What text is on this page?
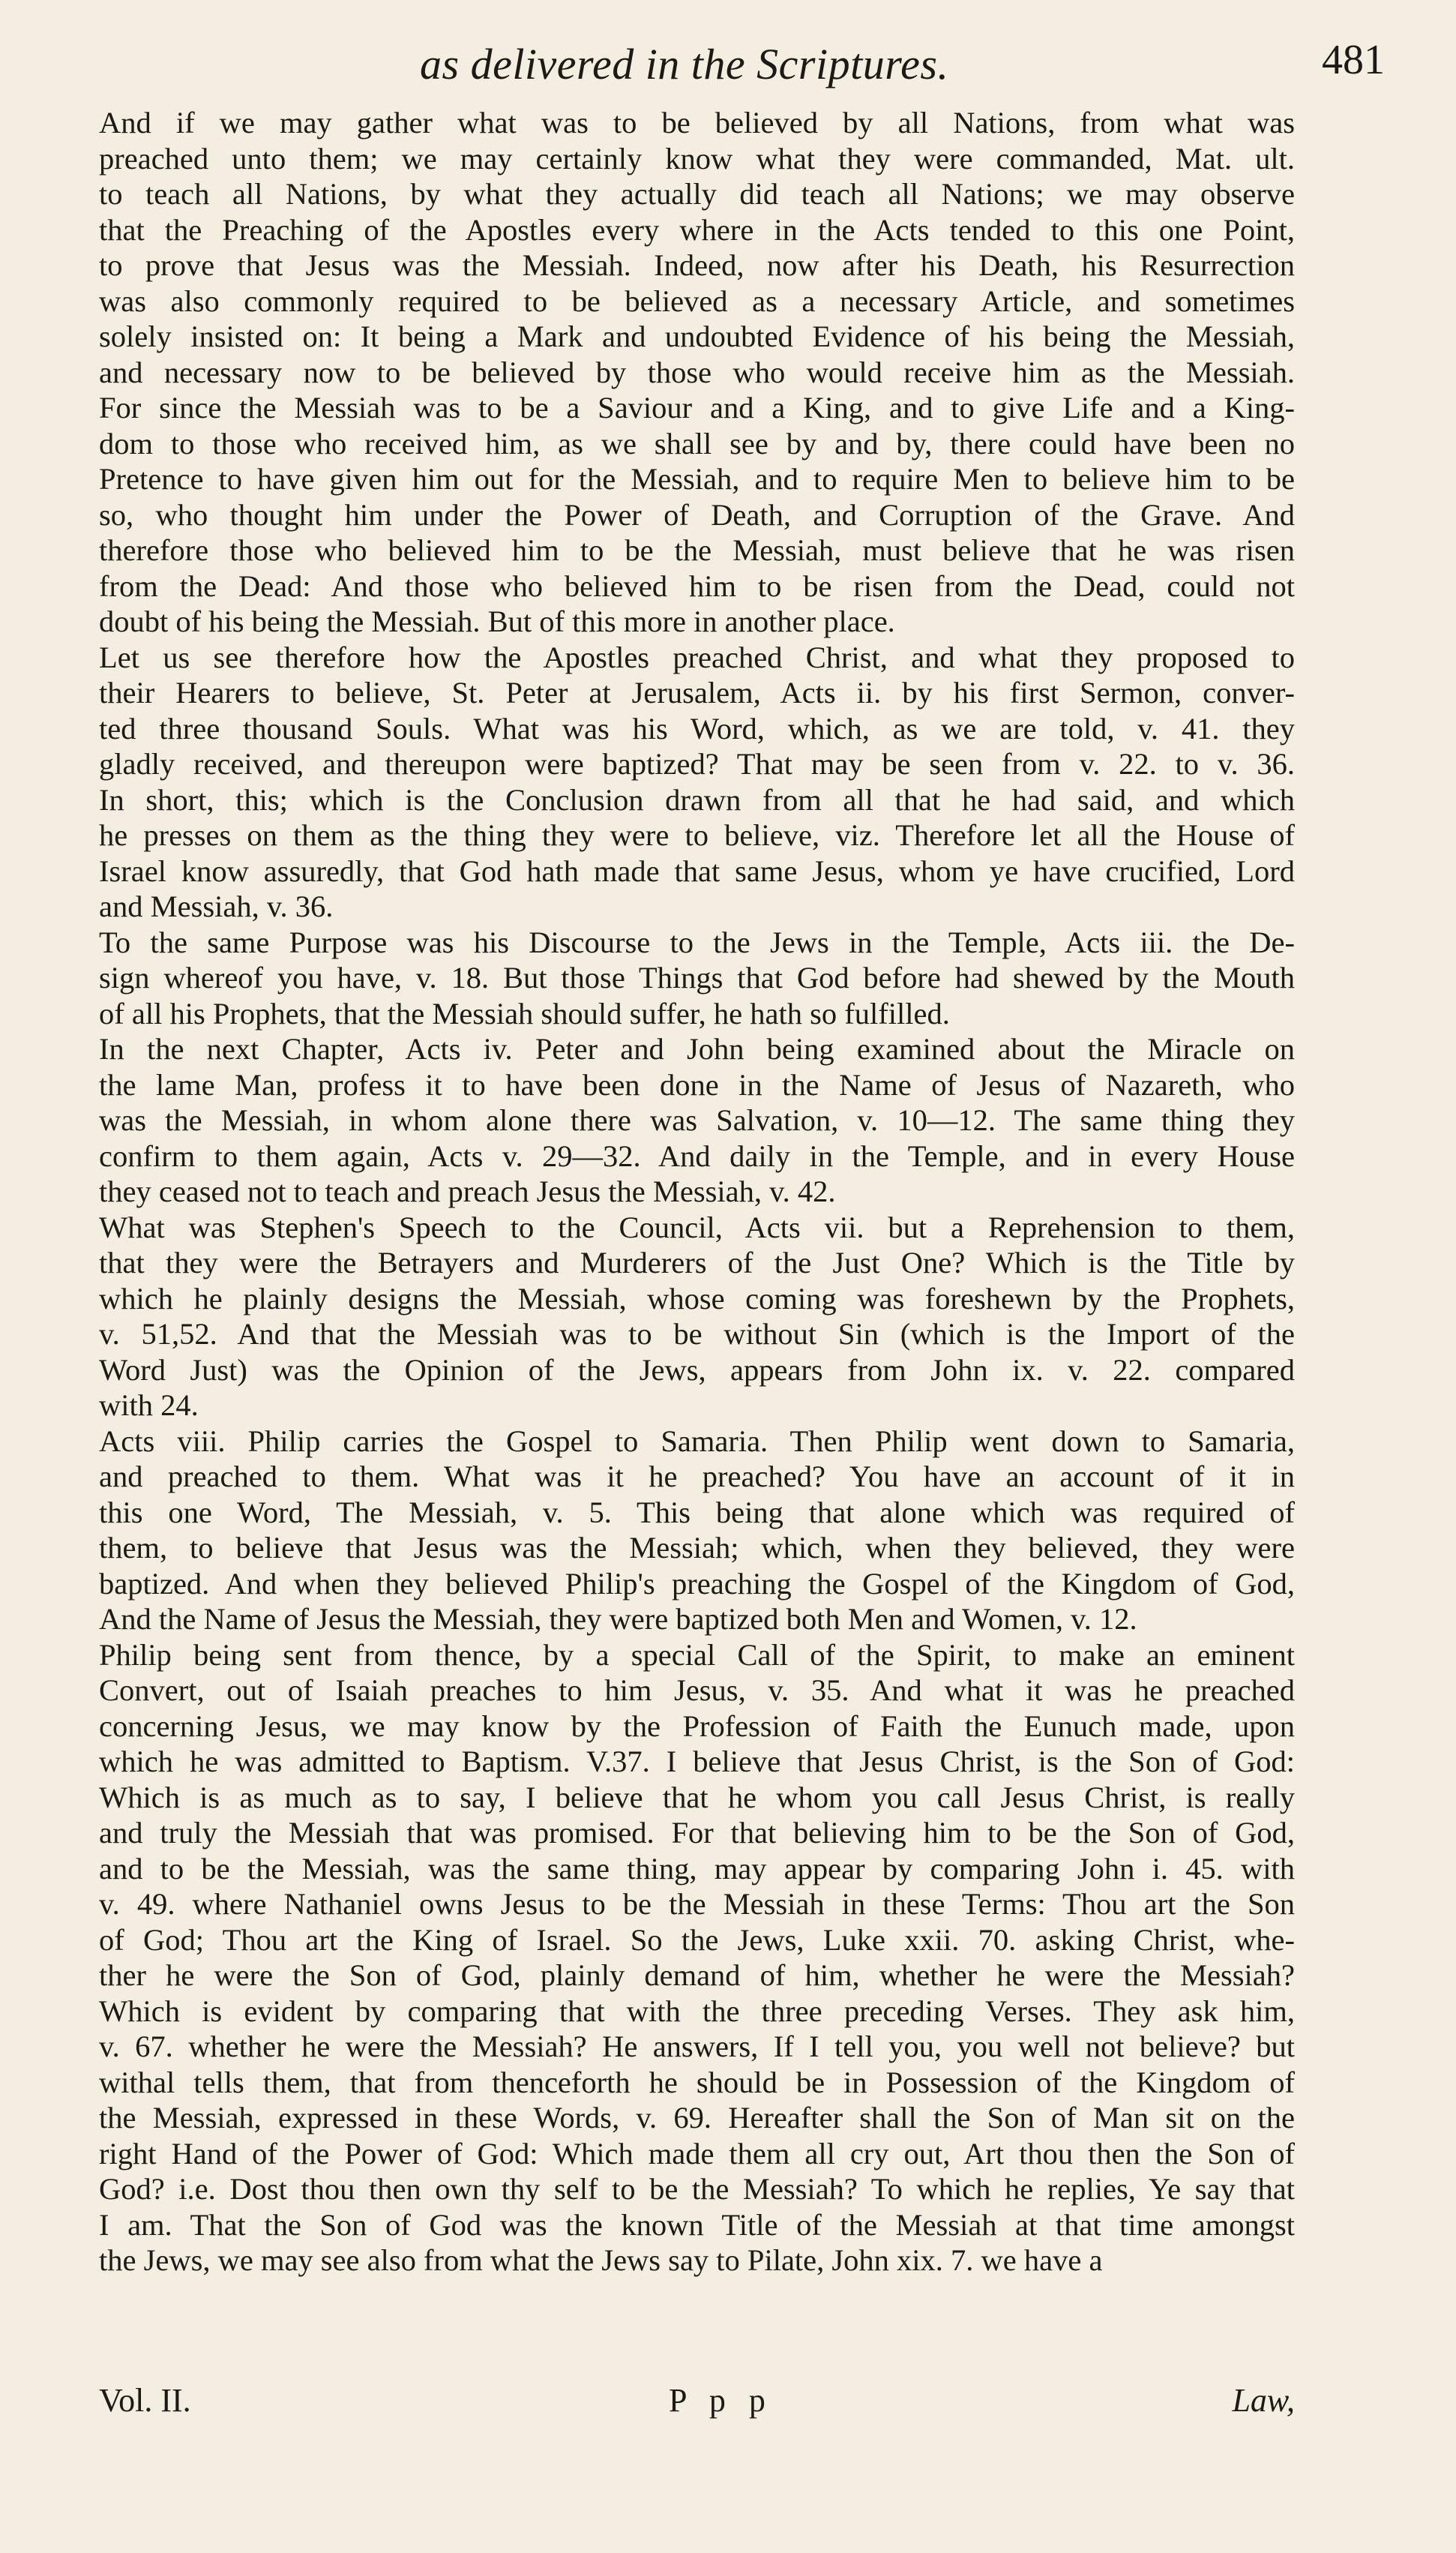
as delivered in the Scriptures.	481
And if we may gather what was to be believed by all Nations, from what was
preached unto them; we may certainly know what they were commanded, Mat. ult.
to teach all Nations, by what they actually did teach all Nations; we may observe
that the Preaching of the Apostles every where in the Acts tended to this one Point,
to prove that Jesus was the Messiah. Indeed, now after his Death, his Resurrection
was also commonly required to be believed as a necessary Article, and sometimes
solely insisted on: It being a Mark and undoubted Evidence of his being the Messiah,
and necessary now to be believed by those who would receive him as the Messiah.
For since the Messiah was to be a Saviour and a King, and to give Life and a King-
dom to those who received him, as we shall see by and by, there could have been no
Pretence to have given him out for the Messiah, and to require Men to believe him to be
so, who thought him under the Power of Death, and Corruption of the Grave. And
therefore those who believed him to be the Messiah, must believe that he was risen
from the Dead: And those who believed him to be risen from the Dead, could not
doubt of his being the Messiah. But of this more in another place.
Let us see therefore how the Apostles preached Christ, and what they proposed to
their Hearers to believe, St. Peter at Jerusalem, Acts ii. by his first Sermon, conver-
ted three thousand Souls. What was his Word, which, as we are told, v. 41. they
gladly received, and thereupon were baptized? That may be seen from v. 22. to v. 36.
In short, this; which is the Conclusion drawn from all that he had said, and which
he presses on them as the thing they were to believe, viz. Therefore let all the House of
Israel know assuredly, that God hath made that same Jesus, whom ye have crucified, Lord
and Messiah, v. 36.
To the same Purpose was his Discourse to the Jews in the Temple, Acts iii. the De-
sign whereof you have, v. 18. But those Things that God before had shewed by the Mouth
of all his Prophets, that the Messiah should suffer, he hath so fulfilled.
In the next Chapter, Acts iv. Peter and John being examined about the Miracle on
the lame Man, profess it to have been done in the Name of Jesus of Nazareth, who
was the Messiah, in whom alone there was Salvation, v. 10—12. The same thing they
confirm to them again, Acts v. 29—32. And daily in the Temple, and in every House
they ceased not to teach and preach Jesus the Messiah, v. 42.
What was Stephen's Speech to the Council, Acts vii. but a Reprehension to them,
that they were the Betrayers and Murderers of the Just One? Which is the Title by
which he plainly designs the Messiah, whose coming was foreshewn by the Prophets,
v. 51,52. And that the Messiah was to be without Sin (which is the Import of the
Word Just) was the Opinion of the Jews, appears from John ix. v. 22. compared
with 24.
Acts viii. Philip carries the Gospel to Samaria. Then Philip went down to Samaria,
and preached to them. What was it he preached? You have an account of it in
this one Word, The Messiah, v. 5. This being that alone which was required of
them, to believe that Jesus was the Messiah; which, when they believed, they were
baptized. And when they believed Philip's preaching the Gospel of the Kingdom of God,
And the Name of Jesus the Messiah, they were baptized both Men and Women, v. 12.
Philip being sent from thence, by a special Call of the Spirit, to make an eminent
Convert, out of Isaiah preaches to him Jesus, v. 35. And what it was he preached
concerning Jesus, we may know by the Profession of Faith the Eunuch made, upon
which he was admitted to Baptism. V.37. I believe that Jesus Christ, is the Son of God:
Which is as much as to say, I believe that he whom you call Jesus Christ, is really
and truly the Messiah that was promised. For that believing him to be the Son of God,
and to be the Messiah, was the same thing, may appear by comparing John i. 45. with
v. 49. where Nathaniel owns Jesus to be the Messiah in these Terms: Thou art the Son
of God; Thou art the King of Israel. So the Jews, Luke xxii. 70. asking Christ, whe-
ther he were the Son of God, plainly demand of him, whether he were the Messiah?
Which is evident by comparing that with the three preceding Verses. They ask him,
v. 67. whether he were the Messiah? He answers, If I tell you, you well not believe? but
withal tells them, that from thenceforth he should be in Possession of the Kingdom of
the Messiah, expressed in these Words, v. 69. Hereafter shall the Son of Man sit on the
right Hand of the Power of God: Which made them all cry out, Art thou then the Son of
God? i.e. Dost thou then own thy self to be the Messiah? To which he replies, Ye say that
I am. That the Son of God was the known Title of the Messiah at that time amongst
the Jews, we may see also from what the Jews say to Pilate, John xix. 7. we have a
Vol. II.	P p p	Law,
